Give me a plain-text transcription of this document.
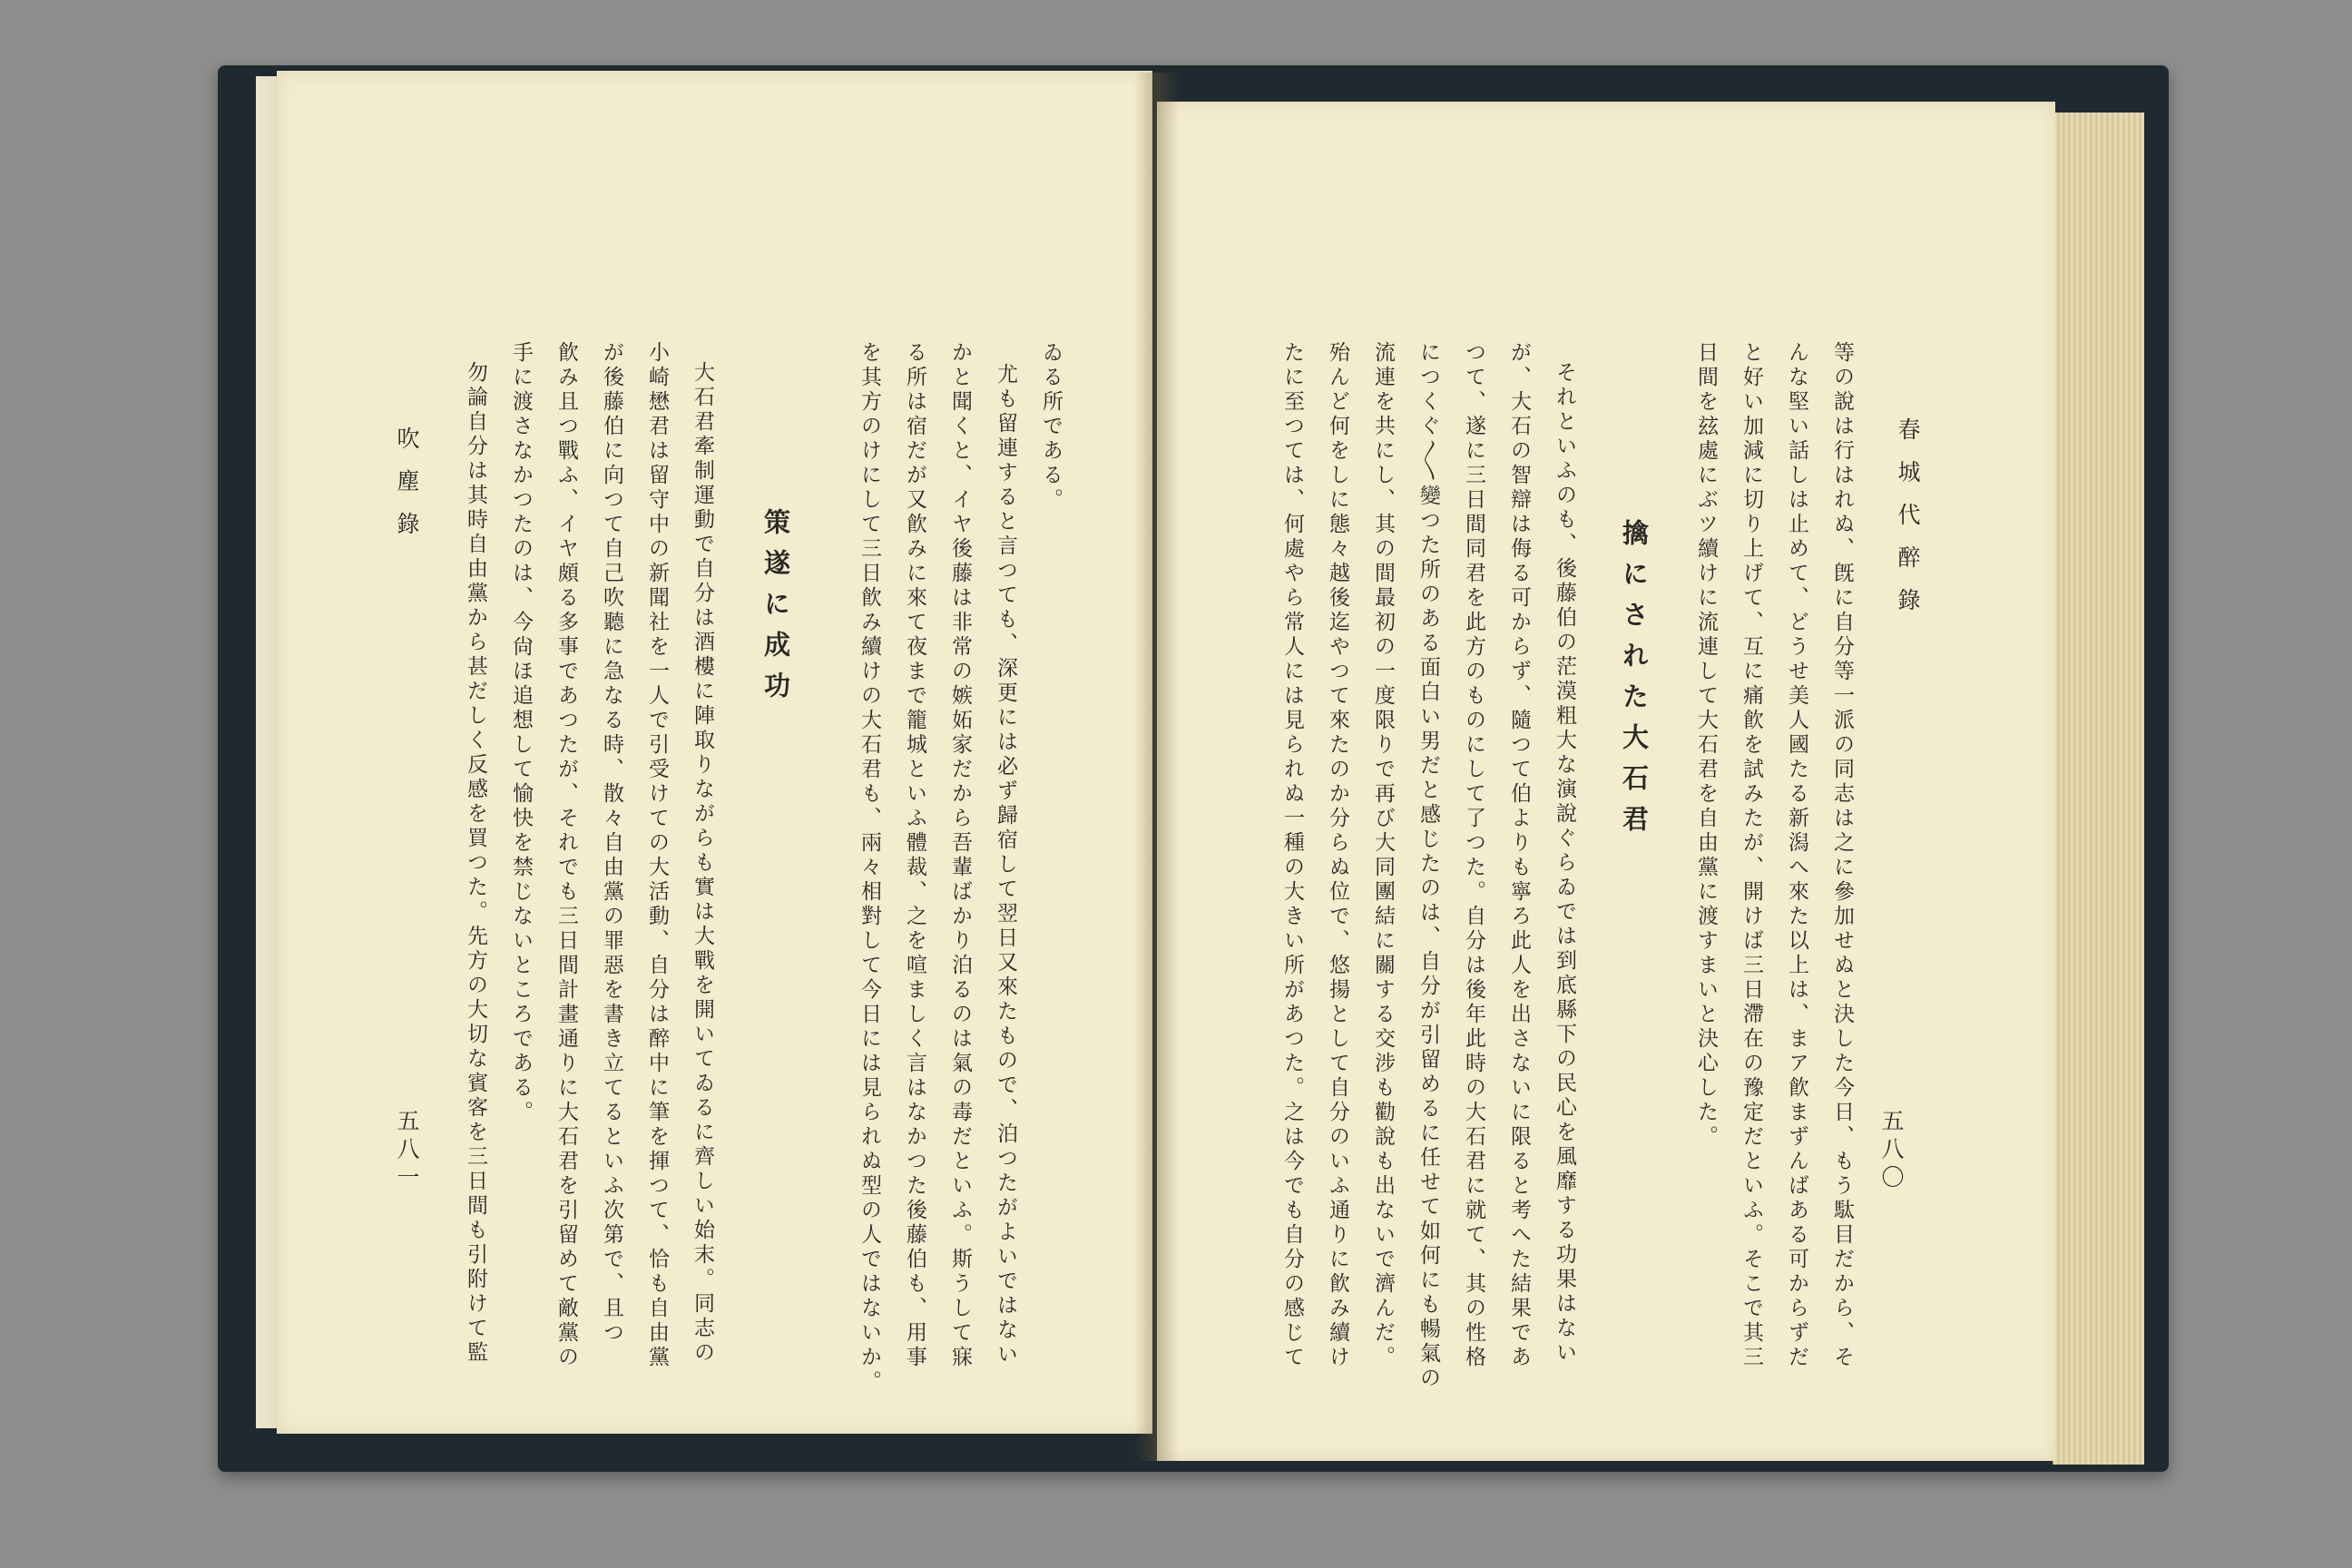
春城代醉錄
五八〇
等の說は行はれぬ、旣に自分等一派の同志は之に參加せぬと決した今日、もう駄目だから、そ
んな堅い話しは止めて、どうせ美人國たる新潟へ來た以上は、まア飮まずんばある可からずだ
と好い加減に切り上げて、互に痛飮を試みたが、開けば三日滯在の豫定だといふ。そこで其三
日間を玆處にぶツ續けに流連して大石君を自由黨に渡すまいと決心した。
擒にされた大石君
それといふのも、後藤伯の茫漠粗大な演說ぐらゐでは到底縣下の民心を風靡する功果はない
が、大石の智辯は侮る可からず、隨つて伯よりも寧ろ此人を出さないに限ると考へた結果であ
つて、遂に三日間同君を此方のものにして了つた。自分は後年此時の大石君に就て、其の性格
につくぐ〳〵變つた所のある面白い男だと感じたのは、自分が引留めるに任せて如何にも暢氣の
流連を共にし、其の間最初の一度限りで再び大同團結に關する交涉も勸說も出ないで濟んだ。
殆んど何をしに態々越後迄やつて來たのか分らぬ位で、悠揚として自分のいふ通りに飮み續け
たに至つては、何處やら常人には見られぬ一種の大きい所があつた。之は今でも自分の感じて
ゐる所である。
尤も留連すると言つても、深更には必ず歸宿して翌日又來たもので、泊つたがよいではない
かと聞くと、イヤ後藤は非常の嫉妬家だから吾輩ばかり泊るのは氣の毒だといふ。斯うして寐
る所は宿だが又飮みに來て夜まで籠城といふ體裁、之を喧ましく言はなかつた後藤伯も、用事
を其方のけにして三日飮み續けの大石君も、兩々相對して今日には見られぬ型の人ではないか。
策遂に成功
大石君牽制運動で自分は酒樓に陣取りながらも實は大戰を開いてゐるに齊しい始末。同志の
小崎懋君は留守中の新聞社を一人で引受けての大活動、自分は醉中に筆を揮つて、恰も自由黨
が後藤伯に向つて自己吹聽に急なる時、散々自由黨の罪惡を書き立てるといふ次第で、且つ
飮み且つ戰ふ、イヤ頗る多事であつたが、それでも三日間計畫通りに大石君を引留めて敵黨の
手に渡さなかつたのは、今尙ほ追想して愉快を禁じないところである。
勿論自分は其時自由黨から甚だしく反感を買つた。先方の大切な賓客を三日間も引附けて監
吹塵錄
五八一
